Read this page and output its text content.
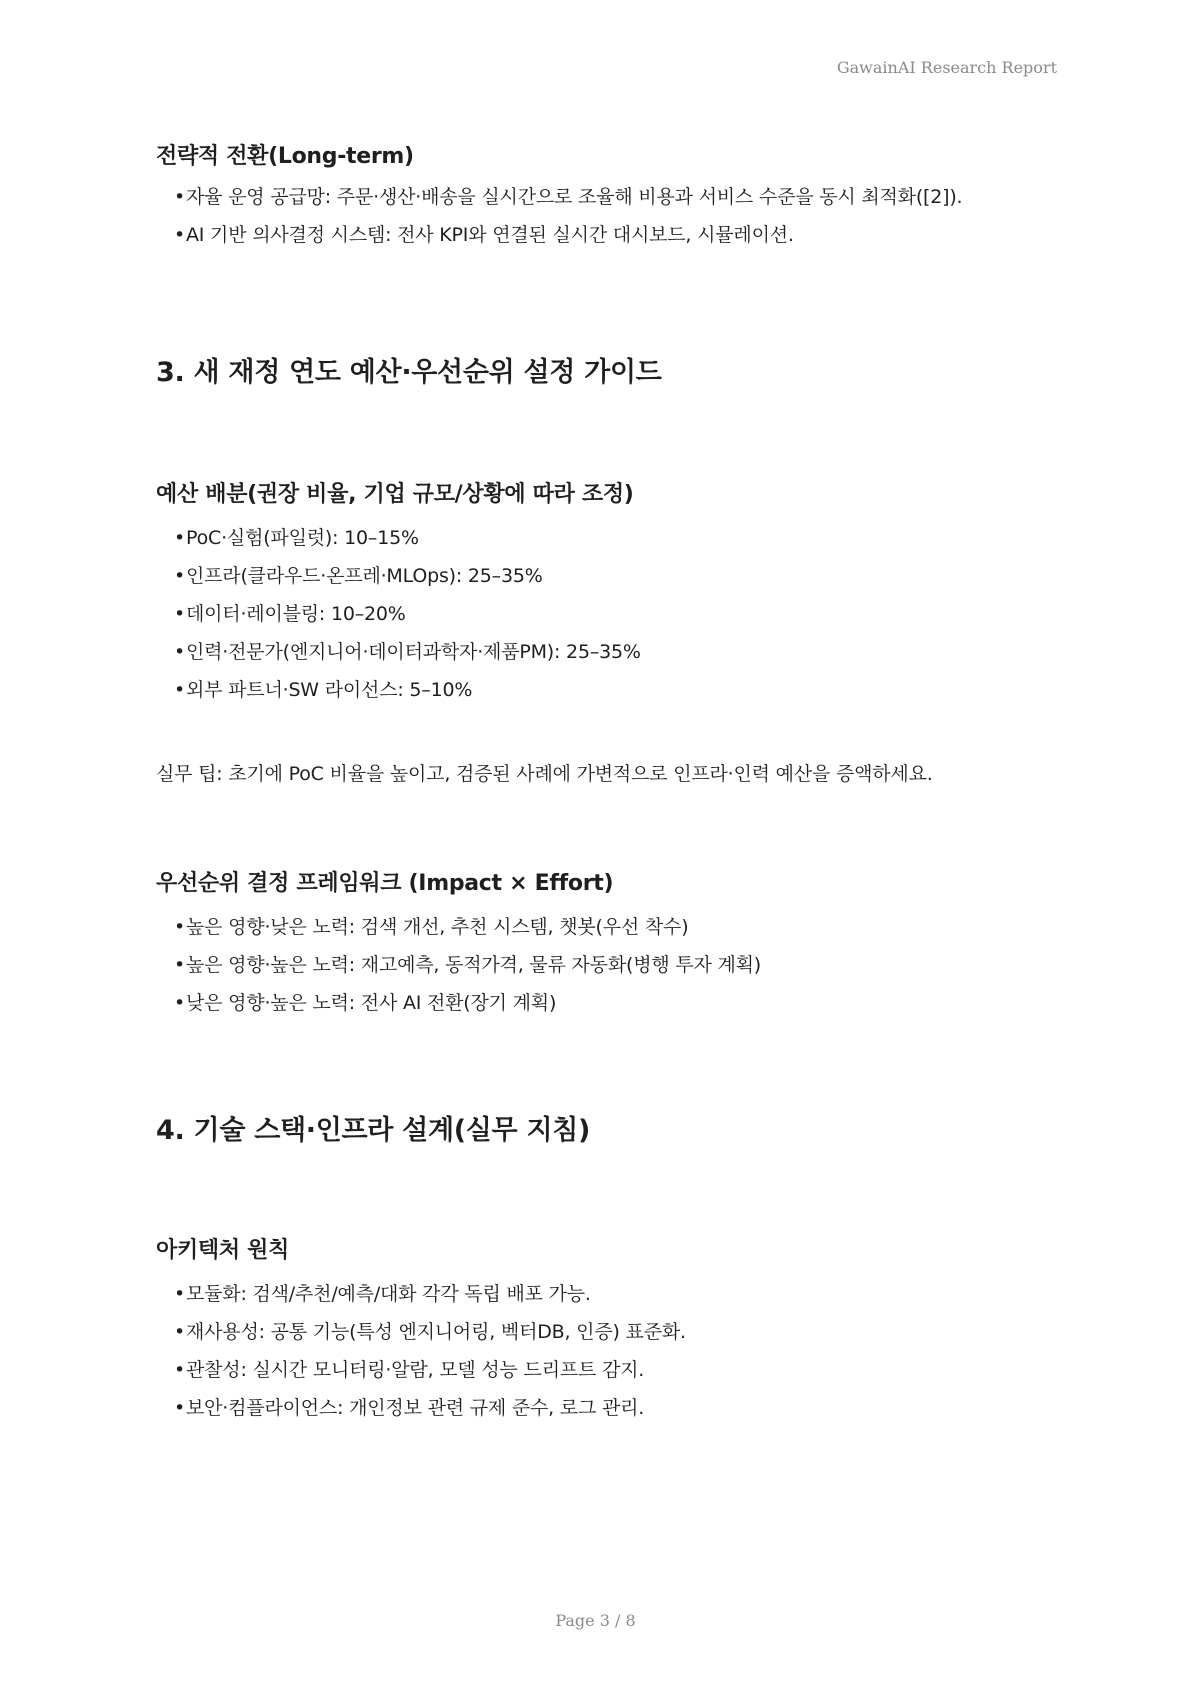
GawainAI Research Report
전략적 전환(Long-term)
•자율 운영 공급망: 주문·생산·배송을 실시간으로 조율해 비용과 서비스 수준을 동시 최적화([2]).
•AI 기반 의사결정 시스템: 전사 KPI와 연결된 실시간 대시보드, 시뮬레이션.
3. 새 재정 연도 예산·우선순위 설정 가이드
예산 배분(권장 비율, 기업 규모/상황에 따라 조정)
•PoC·실험(파일럿): 10–15%
•인프라(클라우드·온프레·MLOps): 25–35%
•데이터·레이블링: 10–20%
•인력·전문가(엔지니어·데이터과학자·제품PM): 25–35%
•외부 파트너·SW 라이선스: 5–10%
실무 팁: 초기에 PoC 비율을 높이고, 검증된 사례에 가변적으로 인프라·인력 예산을 증액하세요.
우선순위 결정 프레임워크 (Impact × Effort)
•높은 영향·낮은 노력: 검색 개선, 추천 시스템, 챗봇(우선 착수)
•높은 영향·높은 노력: 재고예측, 동적가격, 물류 자동화(병행 투자 계획)
•낮은 영향·높은 노력: 전사 AI 전환(장기 계획)
4. 기술 스택·인프라 설계(실무 지침)
아키텍처 원칙
•모듈화: 검색/추천/예측/대화 각각 독립 배포 가능.
•재사용성: 공통 기능(특성 엔지니어링, 벡터DB, 인증) 표준화.
•관찰성: 실시간 모니터링·알람, 모델 성능 드리프트 감지.
•보안·컴플라이언스: 개인정보 관련 규제 준수, 로그 관리.
Page 3 / 8
